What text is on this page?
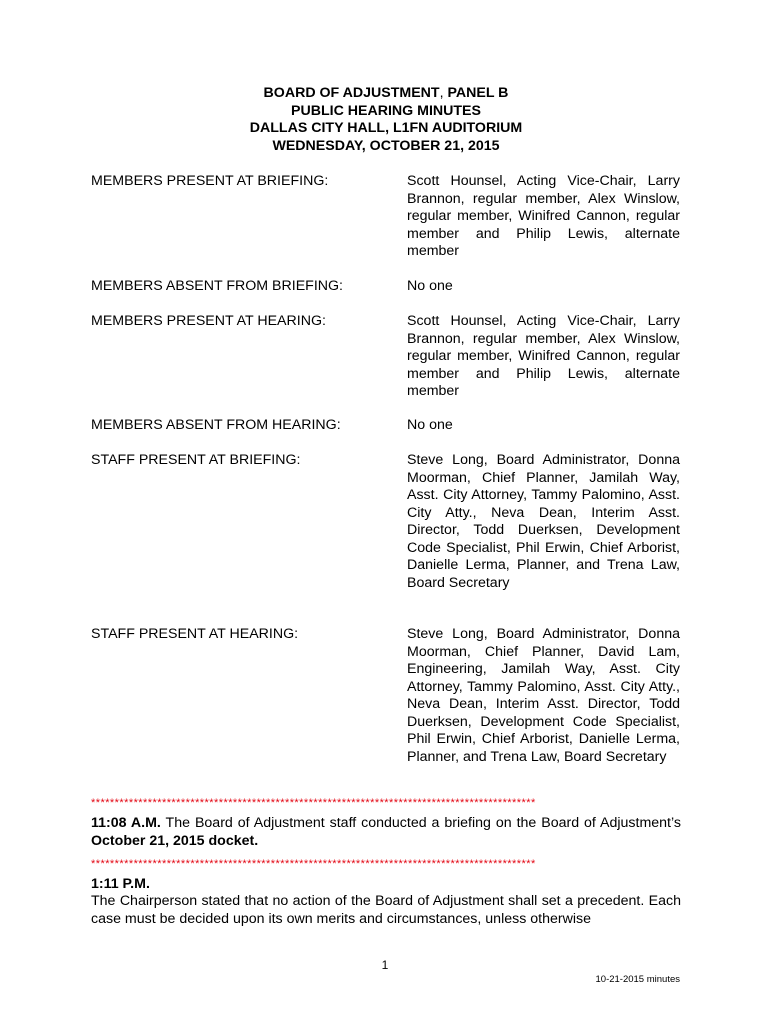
BOARD OF ADJUSTMENT, PANEL B
PUBLIC HEARING MINUTES
DALLAS CITY HALL, L1FN AUDITORIUM
WEDNESDAY, OCTOBER 21, 2015
MEMBERS PRESENT AT BRIEFING:	Scott Hounsel, Acting Vice-Chair, Larry Brannon, regular member, Alex Winslow, regular member, Winifred Cannon, regular member and Philip Lewis, alternate member
MEMBERS ABSENT FROM BRIEFING:	No one
MEMBERS PRESENT AT HEARING:	Scott Hounsel, Acting Vice-Chair, Larry Brannon, regular member, Alex Winslow, regular member, Winifred Cannon, regular member and Philip Lewis, alternate member
MEMBERS ABSENT FROM HEARING:	No one
STAFF PRESENT AT BRIEFING:	Steve Long, Board Administrator, Donna Moorman, Chief Planner, Jamilah Way, Asst. City Attorney, Tammy Palomino, Asst. City Atty., Neva Dean, Interim Asst. Director, Todd Duerksen, Development Code Specialist, Phil Erwin, Chief Arborist, Danielle Lerma, Planner, and Trena Law, Board Secretary
STAFF PRESENT AT HEARING:	Steve Long, Board Administrator, Donna Moorman, Chief Planner, David Lam, Engineering, Jamilah Way, Asst. City Attorney, Tammy Palomino, Asst. City Atty., Neva Dean, Interim Asst. Director, Todd Duerksen, Development Code Specialist, Phil Erwin, Chief Arborist, Danielle Lerma, Planner, and Trena Law, Board Secretary
**********************************************************************************************
11:08 A.M. The Board of Adjustment staff conducted a briefing on the Board of Adjustment’s October 21, 2015 docket.
**********************************************************************************************
1:11 P.M.
The Chairperson stated that no action of the Board of Adjustment shall set a precedent. Each case must be decided upon its own merits and circumstances, unless otherwise
1
10-21-2015 minutes
